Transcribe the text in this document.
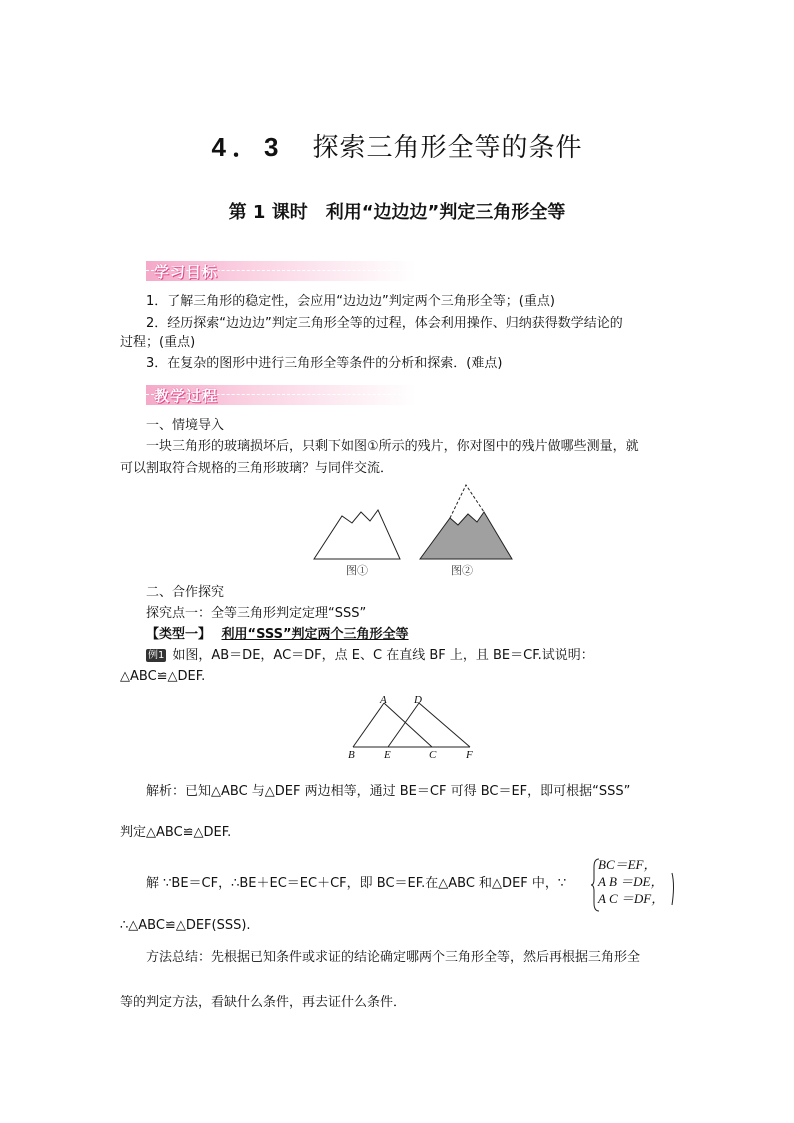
4．3 探索三角形全等的条件
第 1 课时　利用“边边边”判定三角形全等
学习目标
1．了解三角形的稳定性，会应用“边边边”判定两个三角形全等；(重点)
2．经历探索“边边边”判定三角形全等的过程，体会利用操作、归纳获得数学结论的
过程；(重点)
3．在复杂的图形中进行三角形全等条件的分析和探索．(难点)
教学过程
一、情境导入
一块三角形的玻璃损坏后，只剩下如图①所示的残片，你对图中的残片做哪些测量，就
可以割取符合规格的三角形玻璃？与同伴交流．
图①	图②
二、合作探究
探究点一：全等三角形判定定理“SSS”
【类型一】 利用“SSS”判定两个三角形全等
例1 如图，AB＝DE，AC＝DF，点 E、C 在直线 BF 上，且 BE＝CF.试说明：
△ABC≌△DEF.
A D
B	E	C	F
解析：已知△ABC 与△DEF 两边相等，通过 BE＝CF 可得 BC＝EF，即可根据“SSS”
判定△ABC≌△DEF.
解 ∵BE＝CF，∴BE＋EC＝EC＋CF，即 BC＝EF.在△ABC 和△DEF 中，∵
BC＝EF，
A B ＝DE，
A C ＝DF，
∴△ABC≌△DEF(SSS).
方法总结：先根据已知条件或求证的结论确定哪两个三角形全等，然后再根据三角形全
等的判定方法，看缺什么条件，再去证什么条件．
